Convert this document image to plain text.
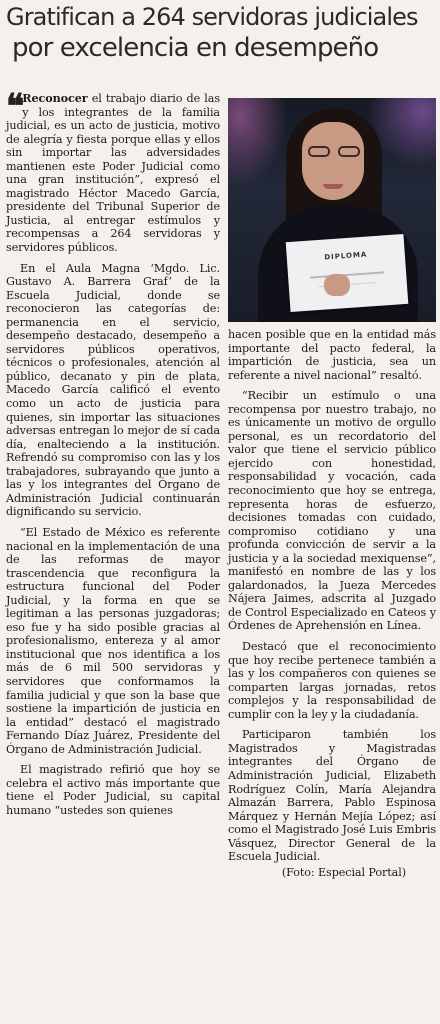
Gratifican a 264 servidoras judiciales
por excelencia en desempeño

❝ Reconocer el trabajo diario de las y los integrantes de la familia judicial, es un acto de justicia, motivo de alegría y fiesta porque ellas y ellos sin importar las adversidades mantienen este Poder Judicial como una gran institución”, expresó el magistrado Héctor Macedo García, presidente del Tribunal Superior de Justicia, al entregar estímulos y recompensas a 264 servidoras y servidores públicos.

En el Aula Magna ‘Mgdo. Lic. Gustavo A. Barrera Graf’ de la Escuela Judicial, donde se reconocieron las categorías de: permanencia en el servicio, desempeño destacado, desempeño a servidores públicos operativos, técnicos o profesionales, atención al público, decanato y pin de plata, Macedo García calificó el evento como un acto de justicia para quienes, sin importar las situaciones adversas entregan lo mejor de sí cada día, enalteciendo a la institución. Refrendó su compromiso con las y los trabajadores, subrayando que junto a las y los integrantes del Órgano de Administración Judicial continuarán dignificando su servicio.

“El Estado de México es referente nacional en la implementación de una de las reformas de mayor trascendencia que reconfigura la estructura funcional del Poder Judicial, y la forma en que se legitiman a las personas juzgadoras; eso fue y ha sido posible gracias al profesionalismo, entereza y al amor institucional que nos identifica a los más de 6 mil 500 servidoras y servidores que conformamos la familia judicial y que son la base que sostiene la impartición de justicia en la entidad” destacó el magistrado Fernando Díaz Juárez, Presidente del Órgano de Administración Judicial.

El magistrado refirió que hoy se celebra el activo más importante que tiene el Poder Judicial, su capital humano “ustedes son quienes

DIPLOMA

hacen posible que en la entidad más importante del pacto federal, la impartición de justicia, sea un referente a nivel nacional” resaltó.

“Recibir un estímulo o una recompensa por nuestro trabajo, no es únicamente un motivo de orgullo personal, es un recordatorio del valor que tiene el servicio público ejercido con honestidad, responsabilidad y vocación, cada reconocimiento que hoy se entrega, representa horas de esfuerzo, decisiones tomadas con cuidado, compromiso cotidiano y una profunda convicción de servir a la justicia y a la sociedad mexiquense”, manifestó en nombre de las y los galardonados, la Jueza Mercedes Nájera Jaimes, adscrita al Juzgado de Control Especializado en Cateos y Órdenes de Aprehensión en Línea.

Destacó que el reconocimiento que hoy recibe pertenece también a las y los compañeros con quienes se comparten largas jornadas, retos complejos y la responsabilidad de cumplir con la ley y la ciudadanía.

Participaron también los Magistrados y Magistradas integrantes del Órgano de Administración Judicial, Elizabeth Rodríguez Colín, María Alejandra Almazán Barrera, Pablo Espinosa Márquez y Hernán Mejía López; así como el Magistrado José Luis Embris Vásquez, Director General de la Escuela Judicial.

(Foto: Especial Portal)
